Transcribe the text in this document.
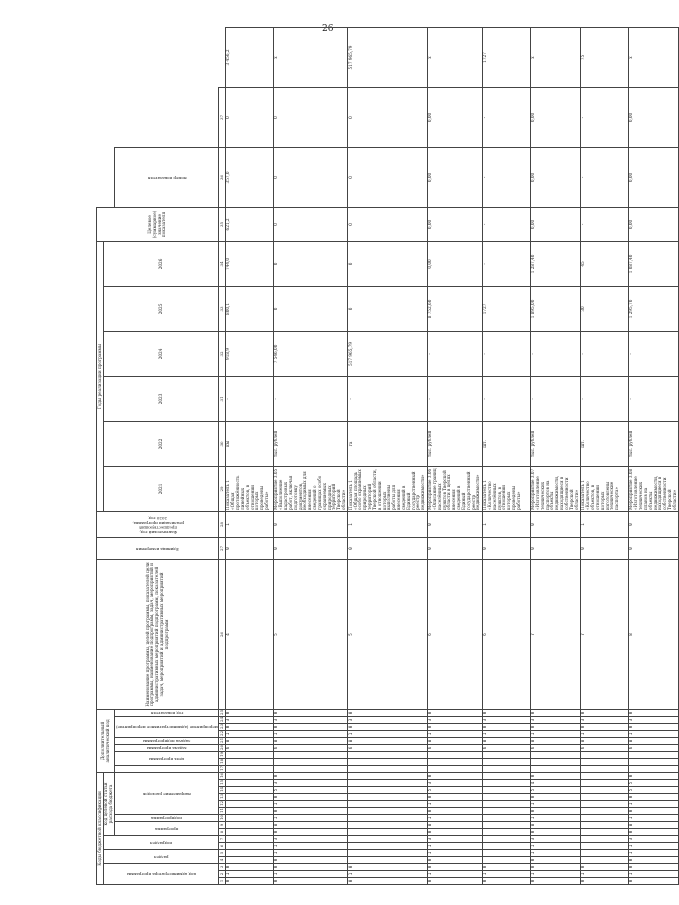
26
Коды бюджетной классификации																Дополнительный аналитический код									Наименование программы, целей программы, показателей цели программы, наименование подпрограмм, задач, мероприятий и административных мероприятий подпрограмм, показателей задач, мероприятий и административных мероприятий подпрограмм	Единица измерения	Фактический год, предшествующий реализации программы, 2020 год	Годы реализации программы						Целевое (суммарное) значение показателя			

код администратора программы			раздел		подраздел		код целевой статьи расхода бюджета																					2021	2022	2023	2024	2025	2026				

							программа		подпрограмма	направление расходов							цель программы		задача программы	задача подпрограммы	мероприятие (административное мероприятие)			год показателя											номер показателя		

1	2	3	4	5	6	7	8	9	10	11	12	13	14	15	16	17	18	19	20	21	22	23	24	25	26	27	28	29	30	31	32	33	34	35	36	37	
0	1	0																	6	8	1	0	3	0	4	0	1	Показатель 1 «Общая протяжённость линейных объектов, в отношении которых проведены работы»	км	-	918,9	800,1	744,0	621,2	357,0	0	3 456,2
0	1	0	0	1	1	3	0	8	1	0	1	0	5	3	0				6	8	1	0	3	0	5	0	0	Мероприятие 3.05 «Выполнение кадастровых работ, включая подготовку документов, необходимых для внесения сведений о границах особо охраняемых природных территорий Тверской области»	тыс. рублей	-	7 546,00	0	0	0	0	0	х
0	1	0																	6	8	1	0	3	0	5	0	1	Показатель 1 «Общая площадь особо охраняемых природных территорий Тверской области, в отношении которых выполнены работы для внесения сведений в Единый государственный реестр недвижимости»	га	-	517 965,79	0	0	0	0	0	517 965,79
0	1	0	0	1	1	3	0	8	1	0	1	0	5	3	0				6	8	1	0	3	0	6	0	0	Мероприятие 3.06 «Описание границ населённых пунктов Тверской области в целях внесения сведений в Единый государственный реестр недвижимости»	тыс. рублей	-	-	8 752,60	0,00	0,00	0,00	0,00	х
0	1	0																	6	8	1	0	3	0	6	0	1	Показатель 1 «Количество населённых пунктов, в отношении которых проведены работы»	шт.	-	-	1727	-	-	-	-	1727
0	1	0	0	1	1	3	0	8	1	0	1	0	5	4	0				6	8	1	0	3	0	7	0	0	Мероприятие 3.07 «Изготовление технических паспортов на объекты недвижимости, находящиеся в собственности Тверской области»	тыс. рублей	-	-	1 895,00	1 287,40	0,00	0,00	0,00	х
0	1	0																	6	8	1	0	3	0	7	0	1	Показатель 1 «Количество объектов, в отношении которых изготовлены технические паспорта»	шт.	-	-	30	45	-	-	-	75
0	1	0	0	1	1	3	0	8	1	0	1	0	5	5	0				6	8	1	0	3	0	8	0	0	Мероприятие 3.08 «Изготовление технических планов на объекты недвижимости, находящиеся в собственности Тверской области»	тыс. рублей	-	-	1 295,70	1 087,40	0,00	0,00	0,00	х
